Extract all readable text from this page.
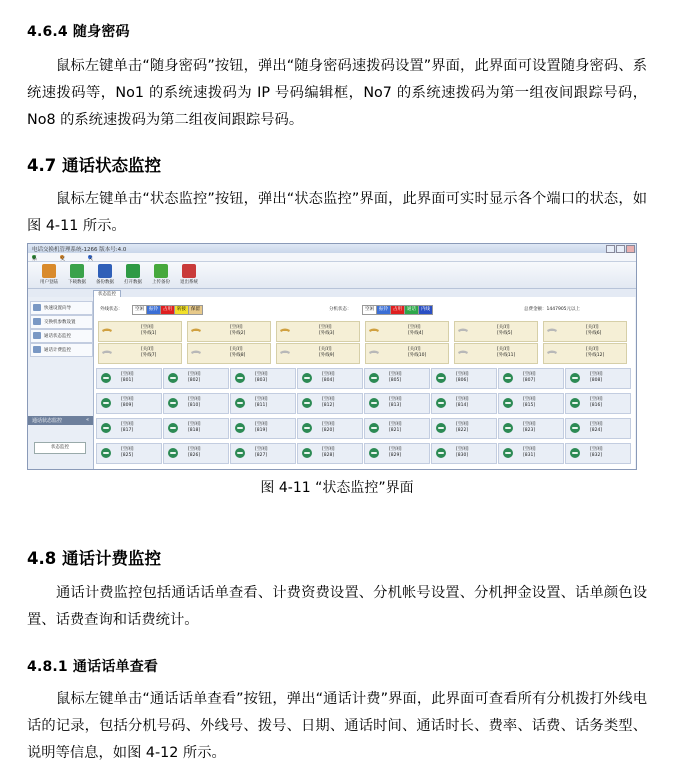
4.6.4 随身密码

鼠标左键单击“随身密码”按钮，弹出“随身密码速拨码设置”界面，此界面可设置随身密码、系统速拨码等，No1 的系统速拨码为 IP 号码编辑框，No7 的系统速拨码为第一组夜间跟踪号码，No8 的系统速拨码为第二组夜间跟踪号码。

4.7 通话状态监控

鼠标左键单击“状态监控”按钮，弹出“状态监控”界面，此界面可实时显示各个端口的状态，如图 4-11 所示。

电话交换机管理系统-1266 版本号:4.0
系	交	关
用户登陆	下载数据	备份数据	打开数据	上传备份	退出系统
状态监控
通话状态监控	«
状态监控
快速设置向导
交换机参数设置
通话状态监控
通话计费监控
外线状态：	分机状态：	总费金额：1447905元以上
空闲	振铃	占用	转接	保留	空闲	振铃	占用	通话	内线
[空闲]
[外线1]
[空闲]
[外线2]
[空闲]
[外线3]
[空闲]
[外线4]
[关闭]
[外线5]
[关闭]
[外线6]
[关闭]
[外线7]
[关闭]
[外线8]
[关闭]
[外线9]
[关闭]
[外线10]
[关闭]
[外线11]
[关闭]
[外线12]
[空闲]
[801]
[空闲]
[802]
[空闲]
[803]
[空闲]
[804]
[空闲]
[805]
[空闲]
[806]
[空闲]
[807]
[空闲]
[808]
[空闲]
[809]
[空闲]
[810]
[空闲]
[811]
[空闲]
[812]
[空闲]
[813]
[空闲]
[814]
[空闲]
[815]
[空闲]
[816]
[空闲]
[817]
[空闲]
[818]
[空闲]
[819]
[空闲]
[820]
[空闲]
[821]
[空闲]
[822]
[空闲]
[823]
[空闲]
[824]
[空闲]
[825]
[空闲]
[826]
[空闲]
[827]
[空闲]
[828]
[空闲]
[829]
[空闲]
[830]
[空闲]
[831]
[空闲]
[832]
图 4-11 “状态监控”界面
4.8 通话计费监控

通话计费监控包括通话话单查看、计费资费设置、分机帐号设置、分机押金设置、话单颜色设置、话费查询和话费统计。

4.8.1 通话话单查看

鼠标左键单击“通话话单查看”按钮，弹出“通话计费”界面，此界面可查看所有分机拨打外线电话的记录，包括分机号码、外线号、拨号、日期、通话时间、通话时长、费率、话费、话务类型、说明等信息，如图 4-12 所示。
